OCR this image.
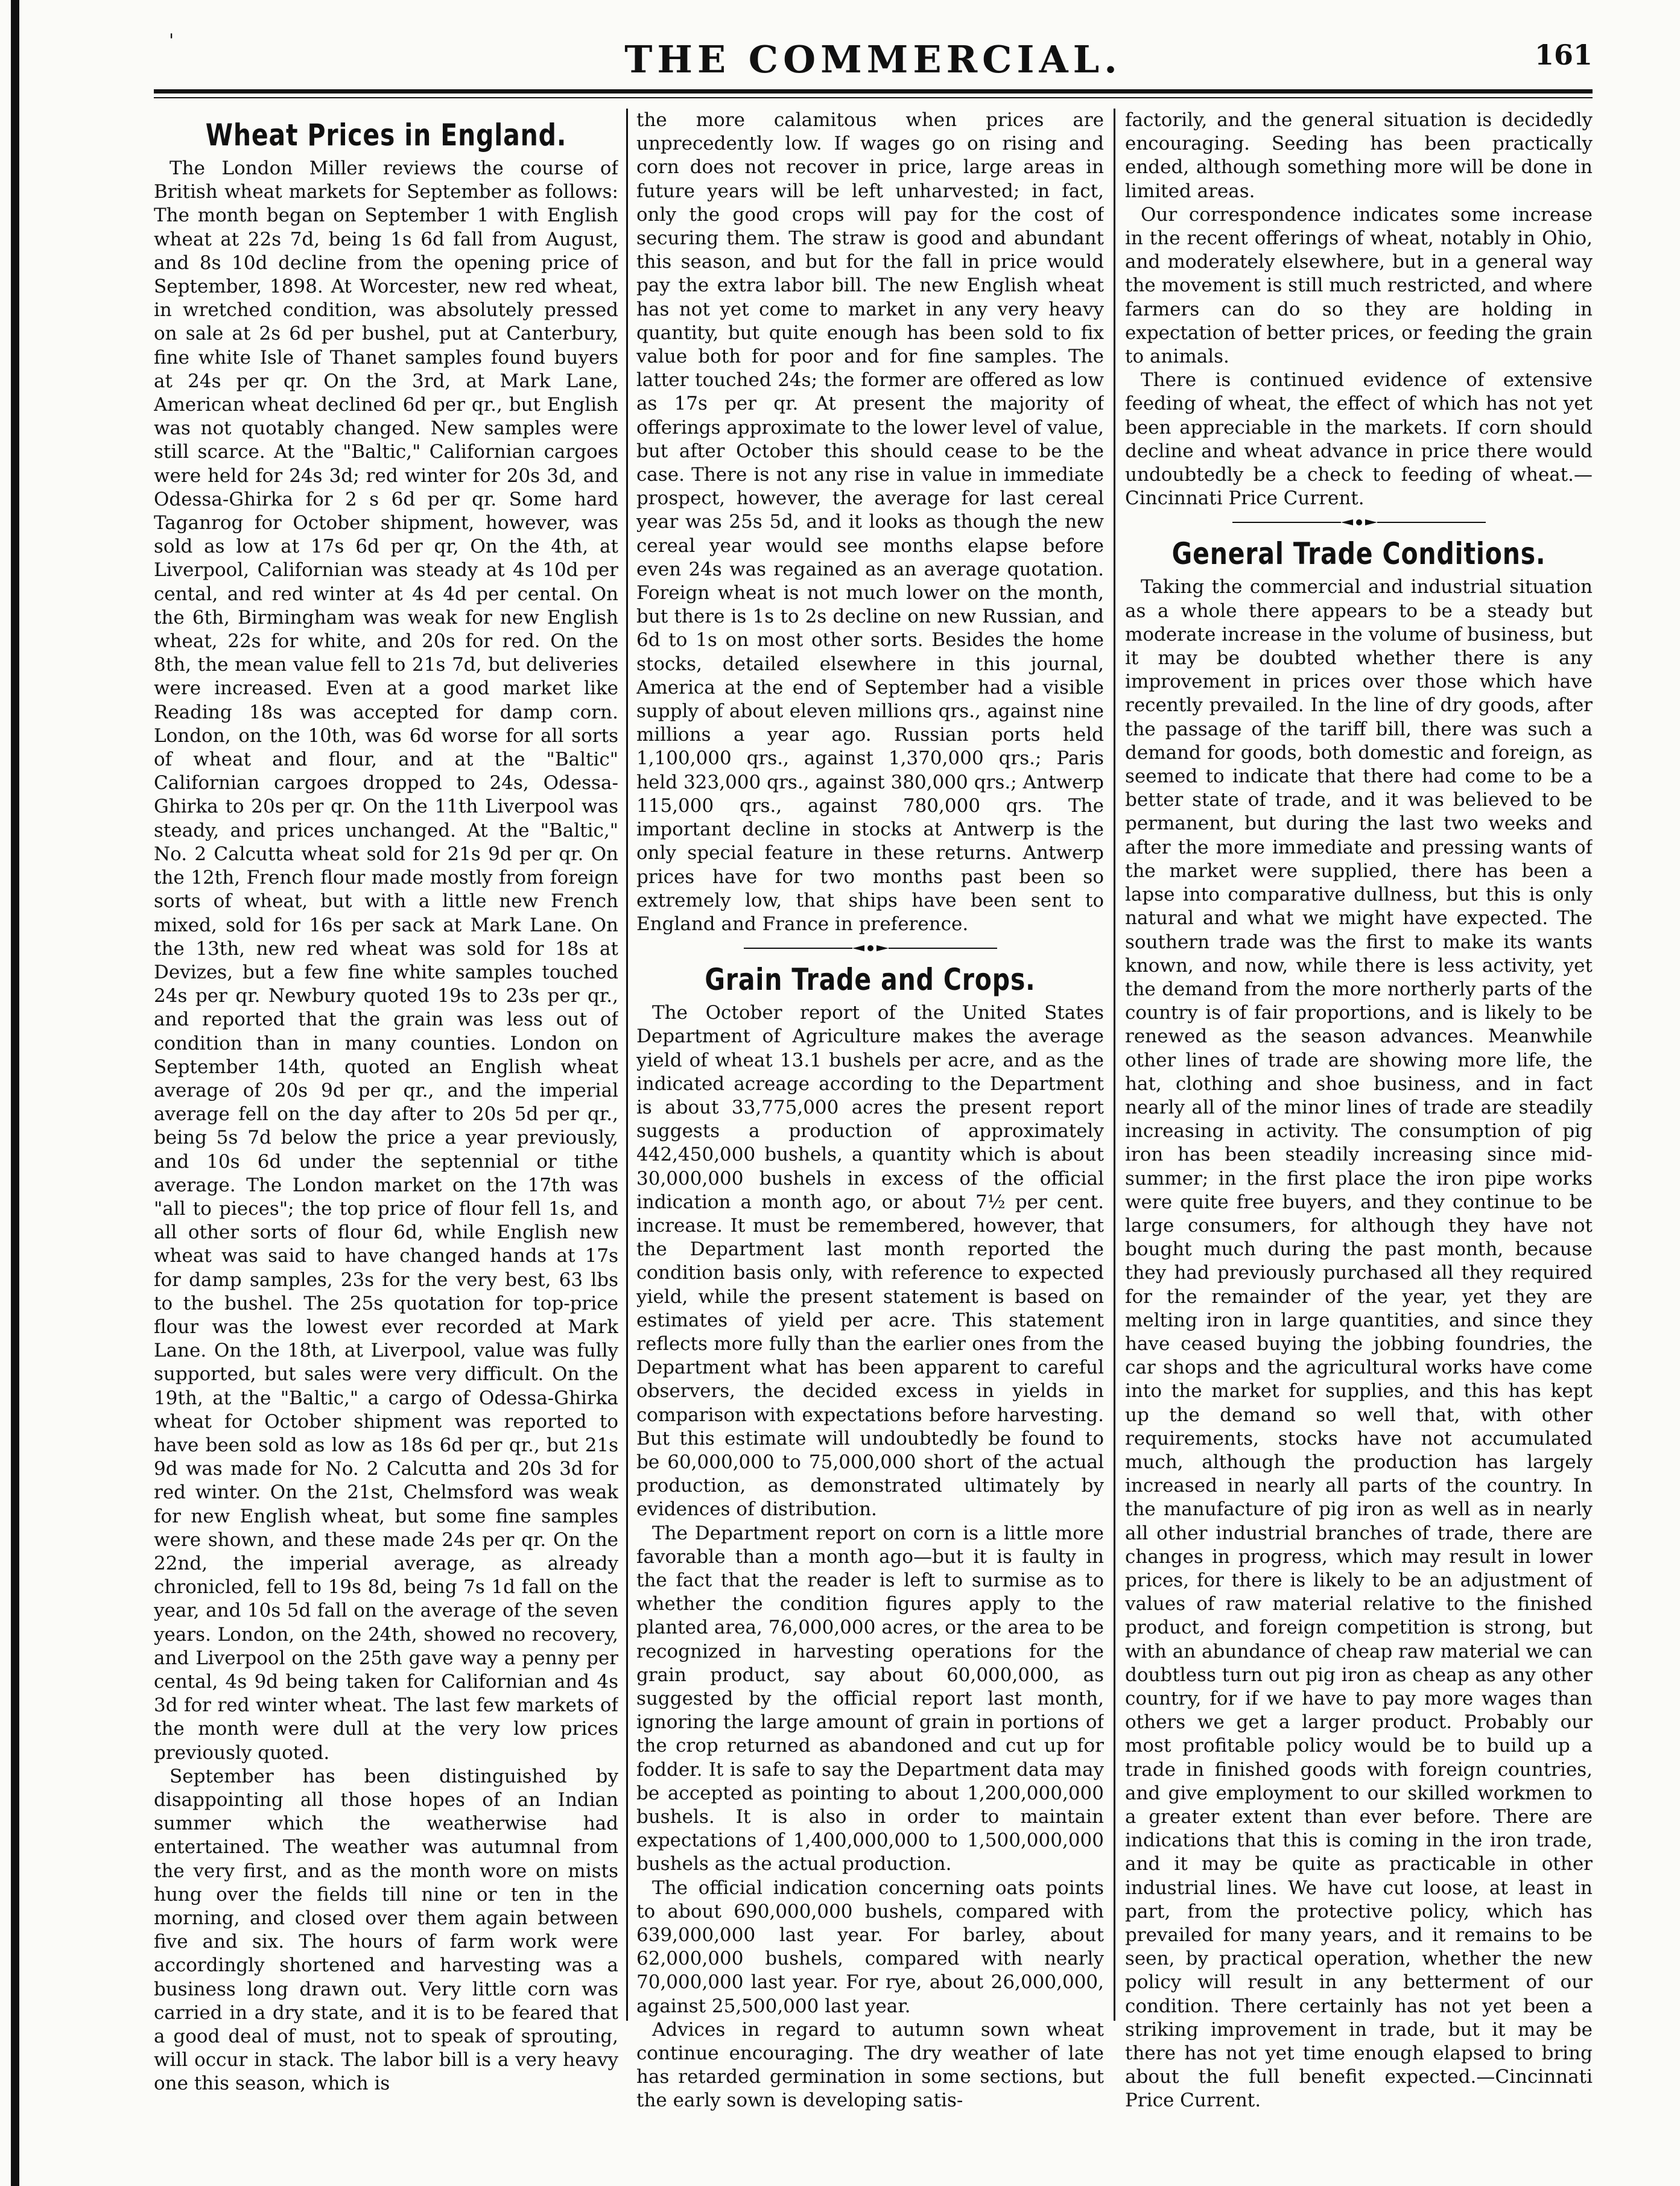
161
THE COMMERCIAL.
'
Wheat Prices in England.

The London Miller reviews the course of British wheat markets for September as follows: The month began on September 1 with English wheat at 22s 7d, being 1s 6d fall from August, and 8s 10d decline from the opening price of September, 1898. At Worcester, new red wheat, in wretched condition, was absolutely pressed on sale at 2s 6d per bushel, put at Canterbury, fine white Isle of Thanet samples found buyers at 24s per qr. On the 3rd, at Mark Lane, American wheat declined 6d per qr., but English was not quotably changed. New samples were still scarce. At the "Baltic," Californian cargoes were held for 24s 3d; red winter for 20s 3d, and Odessa-Ghirka for 2 s 6d per qr. Some hard Taganrog for October shipment, however, was sold as low at 17s 6d per qr, On the 4th, at Liverpool, Californian was steady at 4s 10d per cental, and red winter at 4s 4d per cental. On the 6th, Birmingham was weak for new English wheat, 22s for white, and 20s for red. On the 8th, the mean value fell to 21s 7d, but deliveries were increased. Even at a good market like Reading 18s was accepted for damp corn. London, on the 10th, was 6d worse for all sorts of wheat and flour, and at the "Baltic" Californian cargoes dropped to 24s, Odessa-Ghirka to 20s per qr. On the 11th Liverpool was steady, and prices unchanged. At the "Baltic," No. 2 Calcutta wheat sold for 21s 9d per qr. On the 12th, French flour made mostly from foreign sorts of wheat, but with a little new French mixed, sold for 16s per sack at Mark Lane. On the 13th, new red wheat was sold for 18s at Devizes, but a few fine white samples touched 24s per qr. Newbury quoted 19s to 23s per qr., and reported that the grain was less out of condition than in many counties. London on September 14th, quoted an English wheat average of 20s 9d per qr., and the imperial average fell on the day after to 20s 5d per qr., being 5s 7d below the price a year previously, and 10s 6d under the septennial or tithe average. The London market on the 17th was "all to pieces"; the top price of flour fell 1s, and all other sorts of flour 6d, while English new wheat was said to have changed hands at 17s for damp samples, 23s for the very best, 63 lbs to the bushel. The 25s quotation for top-price flour was the lowest ever recorded at Mark Lane. On the 18th, at Liverpool, value was fully supported, but sales were very difficult. On the 19th, at the "Baltic," a cargo of Odessa-Ghirka wheat for October shipment was reported to have been sold as low as 18s 6d per qr., but 21s 9d was made for No. 2 Calcutta and 20s 3d for red winter. On the 21st, Chelmsford was weak for new English wheat, but some fine samples were shown, and these made 24s per qr. On the 22nd, the imperial average, as already chronicled, fell to 19s 8d, being 7s 1d fall on the year, and 10s 5d fall on the average of the seven years. London, on the 24th, showed no recovery, and Liverpool on the 25th gave way a penny per cental, 4s 9d being taken for Californian and 4s 3d for red winter wheat. The last few markets of the month were dull at the very low prices previously quoted.

September has been distinguished by disappointing all those hopes of an Indian summer which the weatherwise had entertained. The weather was autumnal from the very first, and as the month wore on mists hung over the fields till nine or ten in the morning, and closed over them again between five and six. The hours of farm work were accordingly shortened and harvesting was a business long drawn out. Very little corn was carried in a dry state, and it is to be feared that a good deal of must, not to speak of sprouting, will occur in stack. The labor bill is a very heavy one this season, which is

the more calamitous when prices are unprecedently low. If wages go on rising and corn does not recover in price, large areas in future years will be left unharvested; in fact, only the good crops will pay for the cost of securing them. The straw is good and abundant this season, and but for the fall in price would pay the extra labor bill. The new English wheat has not yet come to market in any very heavy quantity, but quite enough has been sold to fix value both for poor and for fine samples. The latter touched 24s; the former are offered as low as 17s per qr. At present the majority of offerings approximate to the lower level of value, but after October this should cease to be the case. There is not any rise in value in immediate prospect, however, the average for last cereal year was 25s 5d, and it looks as though the new cereal year would see months elapse before even 24s was regained as an average quotation. Foreign wheat is not much lower on the month, but there is 1s to 2s decline on new Russian, and 6d to 1s on most other sorts. Besides the home stocks, detailed elsewhere in this journal, America at the end of September had a visible supply of about eleven millions qrs., against nine millions a year ago. Russian ports held 1,100,000 qrs., against 1,370,000 qrs.; Paris held 323,000 qrs., against 380,000 qrs.; Antwerp 115,000 qrs., against 780,000 qrs. The important decline in stocks at Antwerp is the only special feature in these returns. Antwerp prices have for two months past been so extremely low, that ships have been sent to England and France in preference.

Grain Trade and Crops.

The October report of the United States Department of Agriculture makes the average yield of wheat 13.1 bushels per acre, and as the indicated acreage according to the Department is about 33,775,000 acres the present report suggests a production of approximately 442,450,000 bushels, a quantity which is about 30,000,000 bushels in excess of the official indication a month ago, or about 7½ per cent. increase. It must be remembered, however, that the Department last month reported the condition basis only, with reference to expected yield, while the present statement is based on estimates of yield per acre. This statement reflects more fully than the earlier ones from the Department what has been apparent to careful observers, the decided excess in yields in comparison with expectations before harvesting. But this estimate will undoubtedly be found to be 60,000,000 to 75,000,000 short of the actual production, as demonstrated ultimately by evidences of distribution.

The Department report on corn is a little more favorable than a month ago—but it is faulty in the fact that the reader is left to surmise as to whether the condition figures apply to the planted area, 76,000,000 acres, or the area to be recognized in harvesting operations for the grain product, say about 60,000,000, as suggested by the official report last month, ignoring the large amount of grain in portions of the crop returned as abandoned and cut up for fodder. It is safe to say the Department data may be accepted as pointing to about 1,200,000,000 bushels. It is also in order to maintain expectations of 1,400,000,000 to 1,500,000,000 bushels as the actual production.

The official indication concerning oats points to about 690,000,000 bushels, compared with 639,000,000 last year. For barley, about 62,000,000 bushels, compared with nearly 70,000,000 last year. For rye, about 26,000,000, against 25,500,000 last year.

Advices in regard to autumn sown wheat continue encouraging. The dry weather of late has retarded germination in some sections, but the early sown is developing satis-

factorily, and the general situation is decidedly encouraging. Seeding has been practically ended, although something more will be done in limited areas.

Our correspondence indicates some increase in the recent offerings of wheat, notably in Ohio, and moderately elsewhere, but in a general way the movement is still much restricted, and where farmers can do so they are holding in expectation of better prices, or feeding the grain to animals.

There is continued evidence of extensive feeding of wheat, the effect of which has not yet been appreciable in the markets. If corn should decline and wheat advance in price there would undoubtedly be a check to feeding of wheat.—Cincinnati Price Current.

General Trade Conditions.

Taking the commercial and industrial situation as a whole there appears to be a steady but moderate increase in the volume of business, but it may be doubted whether there is any improvement in prices over those which have recently prevailed. In the line of dry goods, after the passage of the tariff bill, there was such a demand for goods, both domestic and foreign, as seemed to indicate that there had come to be a better state of trade, and it was believed to be permanent, but during the last two weeks and after the more immediate and pressing wants of the market were supplied, there has been a lapse into comparative dullness, but this is only natural and what we might have expected. The southern trade was the first to make its wants known, and now, while there is less activity, yet the demand from the more northerly parts of the country is of fair proportions, and is likely to be renewed as the season advances. Meanwhile other lines of trade are showing more life, the hat, clothing and shoe business, and in fact nearly all of the minor lines of trade are steadily increasing in activity. The consumption of pig iron has been steadily increasing since mid-summer; in the first place the iron pipe works were quite free buyers, and they continue to be large consumers, for although they have not bought much during the past month, because they had previously purchased all they required for the remainder of the year, yet they are melting iron in large quantities, and since they have ceased buying the jobbing foundries, the car shops and the agricultural works have come into the market for supplies, and this has kept up the demand so well that, with other requirements, stocks have not accumulated much, although the production has largely increased in nearly all parts of the country. In the manufacture of pig iron as well as in nearly all other industrial branches of trade, there are changes in progress, which may result in lower prices, for there is likely to be an adjustment of values of raw material relative to the finished product, and foreign competition is strong, but with an abundance of cheap raw material we can doubtless turn out pig iron as cheap as any other country, for if we have to pay more wages than others we get a larger product. Probably our most profitable policy would be to build up a trade in finished goods with foreign countries, and give employment to our skilled workmen to a greater extent than ever before. There are indications that this is coming in the iron trade, and it may be quite as practicable in other industrial lines. We have cut loose, at least in part, from the protective policy, which has prevailed for many years, and it remains to be seen, by practical operation, whether the new policy will result in any betterment of our condition. There certainly has not yet been a striking improvement in trade, but it may be there has not yet time enough elapsed to bring about the full benefit expected.—Cincinnati Price Current.
